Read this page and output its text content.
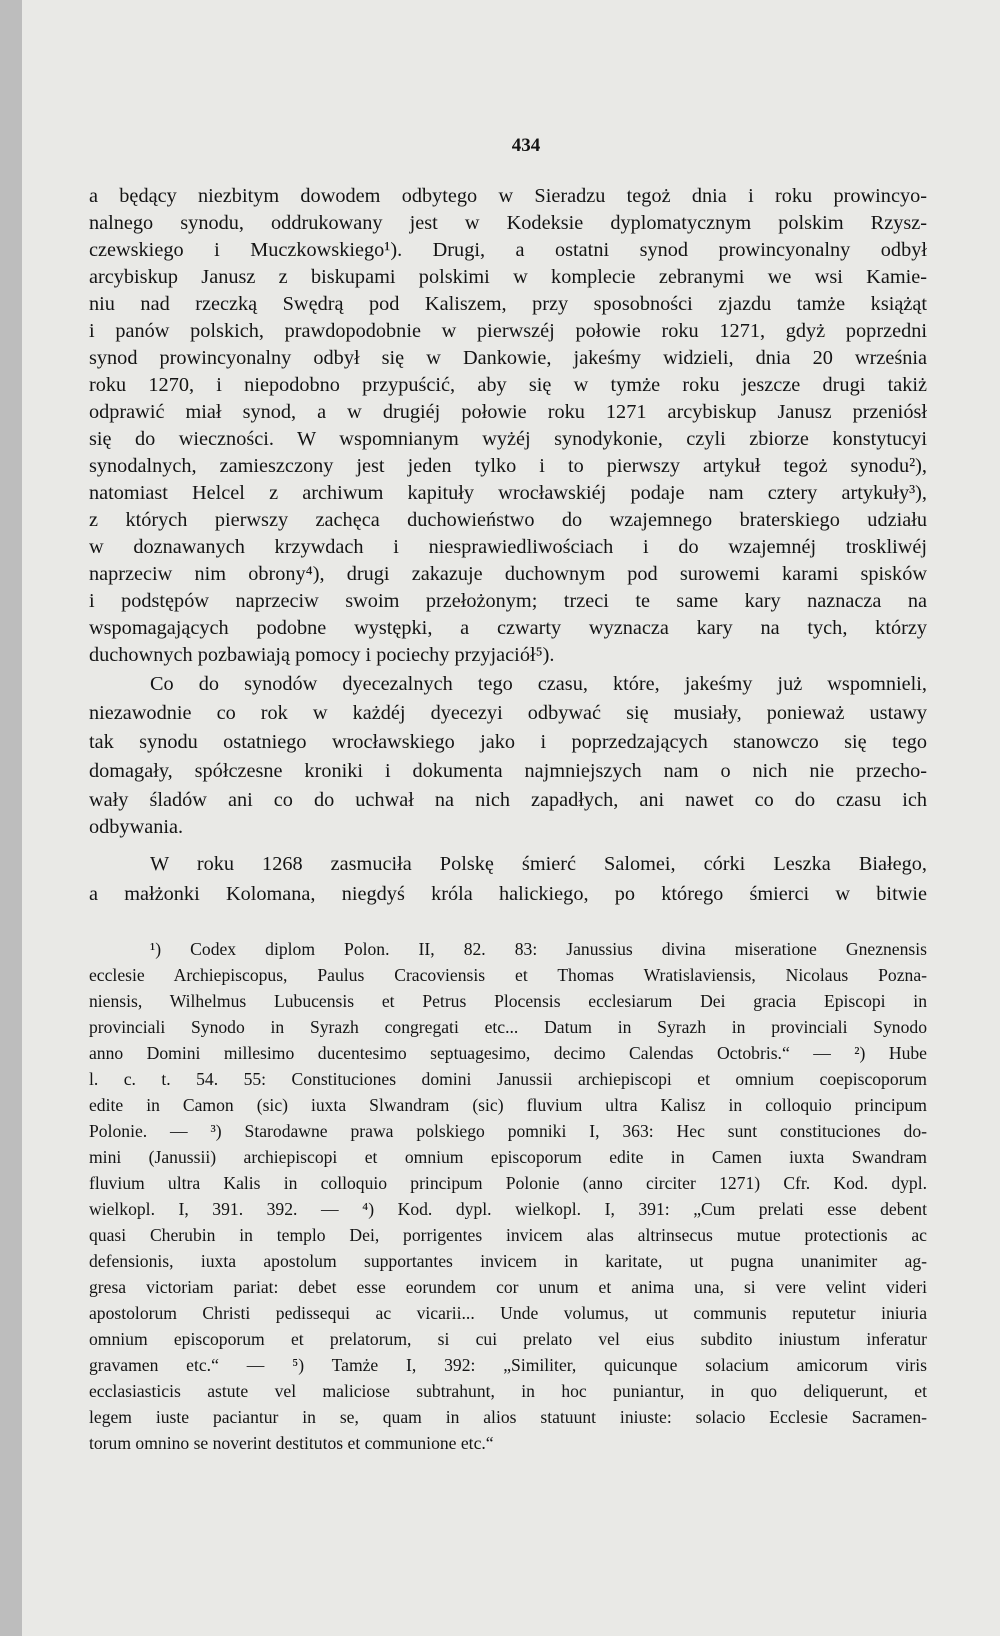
434
a będący niezbitym dowodem odbytego w Sieradzu tegoż dnia i roku prowincyo-
nalnego synodu, oddrukowany jest w Kodeksie dyplomatycznym polskim Rzysz-
czewskiego i Muczkowskiego¹). Drugi, a ostatni synod prowincyonalny odbył
arcybiskup Janusz z biskupami polskimi w komplecie zebranymi we wsi Kamie-
niu nad rzeczką Swędrą pod Kaliszem, przy sposobności zjazdu tamże książąt
i panów polskich, prawdopodobnie w pierwszéj połowie roku 1271, gdyż poprzedni
synod prowincyonalny odbył się w Dankowie, jakeśmy widzieli, dnia 20 września
roku 1270, i niepodobno przypuścić, aby się w tymże roku jeszcze drugi takiż
odprawić miał synod, a w drugiéj połowie roku 1271 arcybiskup Janusz przeniósł
się do wieczności. W wspomnianym wyżéj synodykonie, czyli zbiorze konstytucyi
synodalnych, zamieszczony jest jeden tylko i to pierwszy artykuł tegoż synodu²),
natomiast Helcel z archiwum kapituły wrocławskiéj podaje nam cztery artykuły³),
z których pierwszy zachęca duchowieństwo do wzajemnego braterskiego udziału
w doznawanych krzywdach i niesprawiedliwościach i do wzajemnéj troskliwéj
naprzeciw nim obrony⁴), drugi zakazuje duchownym pod surowemi karami spisków
i podstępów naprzeciw swoim przełożonym; trzeci te same kary naznacza na
wspomagających podobne występki, a czwarty wyznacza kary na tych, którzy
duchownych pozbawiają pomocy i pociechy przyjaciół⁵).
Co do synodów dyecezalnych tego czasu, które, jakeśmy już wspomnieli,
niezawodnie co rok w każdéj dyecezyi odbywać się musiały, ponieważ ustawy
tak synodu ostatniego wrocławskiego jako i poprzedzających stanowczo się tego
domagały, spółczesne kroniki i dokumenta najmniejszych nam o nich nie przecho-
wały śladów ani co do uchwał na nich zapadłych, ani nawet co do czasu ich
odbywania.
W roku 1268 zasmuciła Polskę śmierć Salomei, córki Leszka Białego,
a małżonki Kolomana, niegdyś króla halickiego, po którego śmierci w bitwie
¹) Codex diplom Polon. II, 82. 83: Janussius divina miseratione Gneznensis
ecclesie Archiepiscopus, Paulus Cracoviensis et Thomas Wratislaviensis, Nicolaus Pozna-
niensis, Wilhelmus Lubucensis et Petrus Plocensis ecclesiarum Dei gracia Episcopi in
provinciali Synodo in Syrazh congregati etc... Datum in Syrazh in provinciali Synodo
anno Domini millesimo ducentesimo septuagesimo, decimo Calendas Octobris.“ — ²) Hube
l. c. t. 54. 55: Constituciones domini Janussii archiepiscopi et omnium coepiscoporum
edite in Camon (sic) iuxta Slwandram (sic) fluvium ultra Kalisz in colloquio principum
Polonie. — ³) Starodawne prawa polskiego pomniki I, 363: Hec sunt constituciones do-
mini (Janussii) archiepiscopi et omnium episcoporum edite in Camen iuxta Swandram
fluvium ultra Kalis in colloquio principum Polonie (anno circiter 1271) Cfr. Kod. dypl.
wielkopl. I, 391. 392. — ⁴) Kod. dypl. wielkopl. I, 391: „Cum prelati esse debent
quasi Cherubin in templo Dei, porrigentes invicem alas altrinsecus mutue protectionis ac
defensionis, iuxta apostolum supportantes invicem in karitate, ut pugna unanimiter ag-
gresa victoriam pariat: debet esse eorundem cor unum et anima una, si vere velint videri
apostolorum Christi pedissequi ac vicarii... Unde volumus, ut communis reputetur iniuria
omnium episcoporum et prelatorum, si cui prelato vel eius subdito iniustum inferatur
gravamen etc.“ — ⁵) Tamże I, 392: „Similiter, quicunque solacium amicorum viris
ecclasiasticis astute vel maliciose subtrahunt, in hoc puniantur, in quo deliquerunt, et
legem iuste paciantur in se, quam in alios statuunt iniuste: solacio Ecclesie Sacramen-
torum omnino se noverint destitutos et communione etc.“
